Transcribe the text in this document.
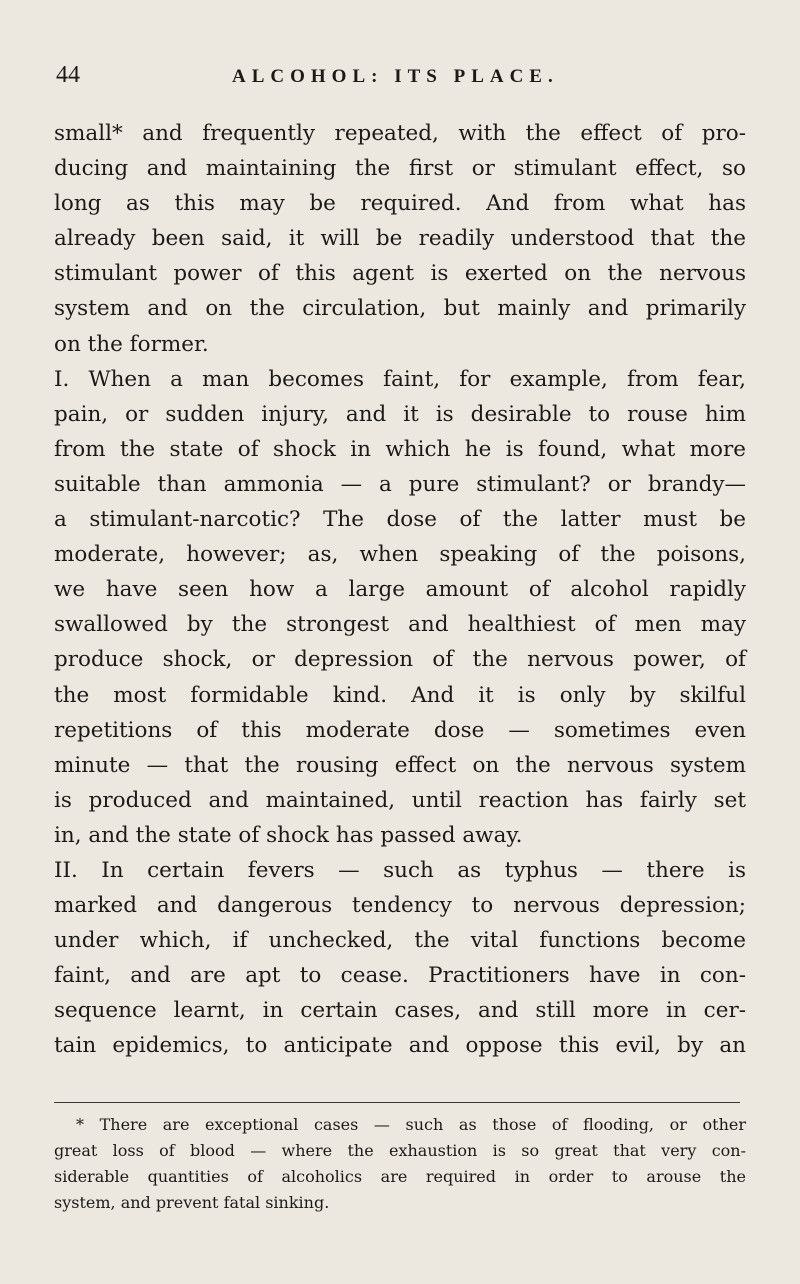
44	ALCOHOL: ITS PLACE.
small* and frequently repeated, with the effect of pro-
ducing and maintaining the first or stimulant effect, so
long as this may be required. And from what has
already been said, it will be readily understood that the
stimulant power of this agent is exerted on the nervous
system and on the circulation, but mainly and primarily
on the former.
I. When a man becomes faint, for example, from fear,
pain, or sudden injury, and it is desirable to rouse him
from the state of shock in which he is found, what more
suitable than ammonia — a pure stimulant? or brandy—
a stimulant-narcotic? The dose of the latter must be
moderate, however; as, when speaking of the poisons,
we have seen how a large amount of alcohol rapidly
swallowed by the strongest and healthiest of men may
produce shock, or depression of the nervous power, of
the most formidable kind. And it is only by skilful
repetitions of this moderate dose — sometimes even
minute — that the rousing effect on the nervous system
is produced and maintained, until reaction has fairly set
in, and the state of shock has passed away.
II. In certain fevers — such as typhus — there is
marked and dangerous tendency to nervous depression;
under which, if unchecked, the vital functions become
faint, and are apt to cease. Practitioners have in con-
sequence learnt, in certain cases, and still more in cer-
tain epidemics, to anticipate and oppose this evil, by an
* There are exceptional cases — such as those of flooding, or other
great loss of blood — where the exhaustion is so great that very con-
siderable quantities of alcoholics are required in order to arouse the
system, and prevent fatal sinking.
